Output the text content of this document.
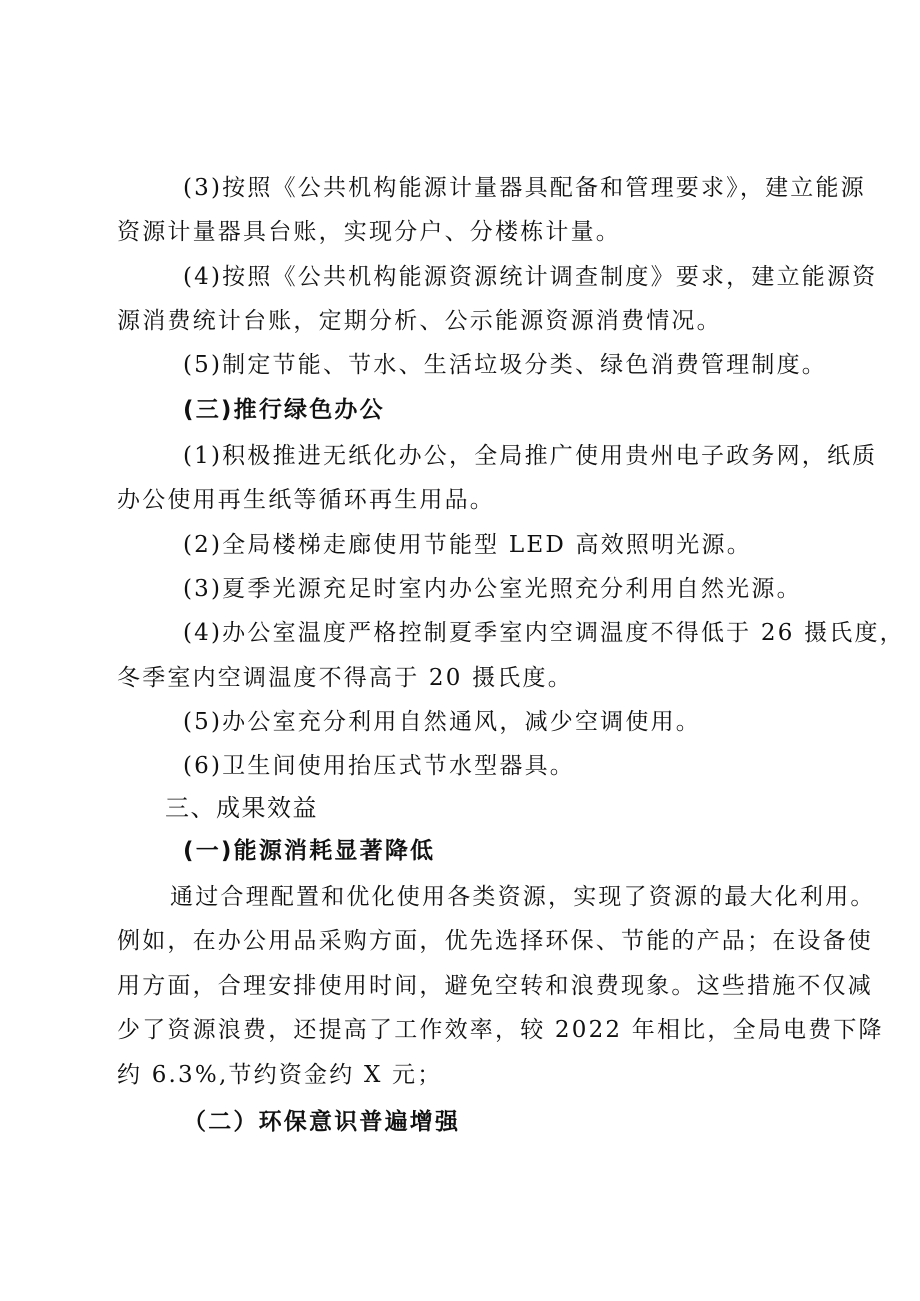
(3)按照《公共机构能源计量器具配备和管理要求》，建立能源
资源计量器具台账，实现分户、分楼栋计量。
(4)按照《公共机构能源资源统计调查制度》要求，建立能源资
源消费统计台账，定期分析、公示能源资源消费情况。
(5)制定节能、节水、生活垃圾分类、绿色消费管理制度。
(三)推行绿色办公
(1)积极推进无纸化办公，全局推广使用贵州电子政务网，纸质
办公使用再生纸等循环再生用品。
(2)全局楼梯走廊使用节能型 LED 高效照明光源。
(3)夏季光源充足时室内办公室光照充分利用自然光源。
(4)办公室温度严格控制夏季室内空调温度不得低于 26 摄氏度，
冬季室内空调温度不得高于 20 摄氏度。
(5)办公室充分利用自然通风，减少空调使用。
(6)卫生间使用抬压式节水型器具。
三、成果效益
(一)能源消耗显著降低
通过合理配置和优化使用各类资源，实现了资源的最大化利用。
例如，在办公用品采购方面，优先选择环保、节能的产品；在设备使
用方面，合理安排使用时间，避免空转和浪费现象。这些措施不仅减
少了资源浪费，还提高了工作效率，较 2022 年相比，全局电费下降
约 6.3%,节约资金约 X 元；
（二）环保意识普遍增强
